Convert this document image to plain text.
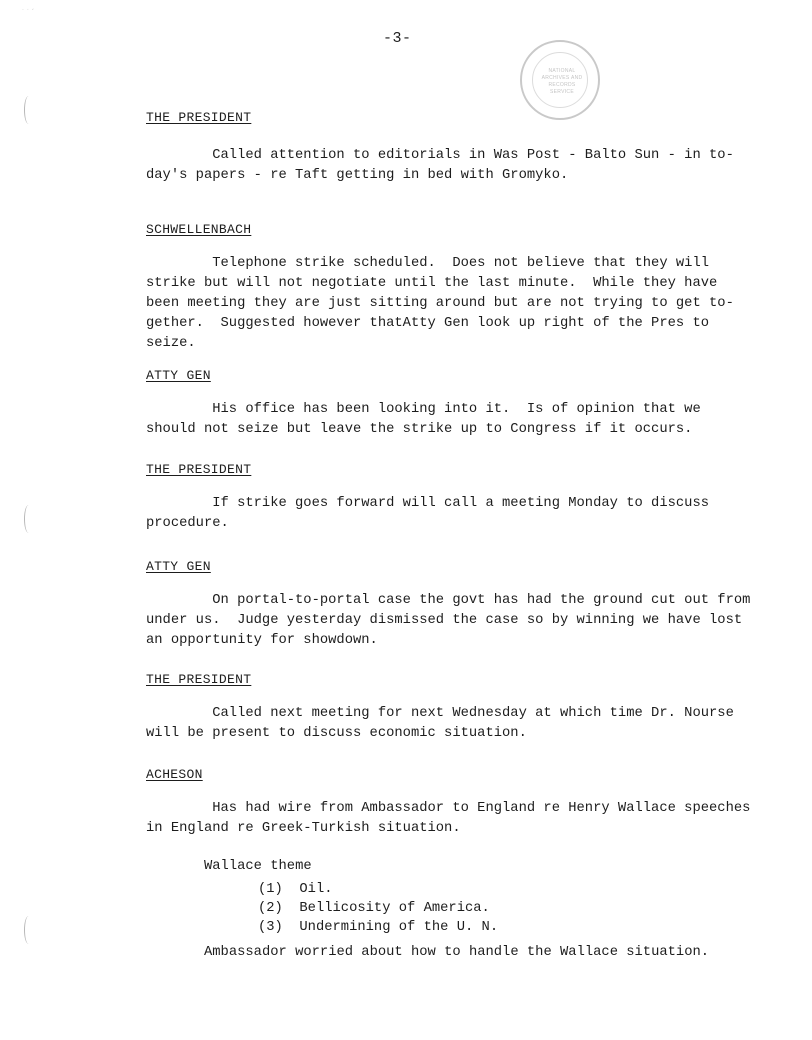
˙ ˙ ´
-3-
NATIONAL
ARCHIVES AND
RECORDS
SERVICE

THE PRESIDENT

Called attention to editorials in Was Post - Balto Sun - in to-

day's papers - re Taft getting in bed with Gromyko.

SCHWELLENBACH

Telephone strike scheduled.  Does not believe that they will

strike but will not negotiate until the last minute.  While they have

been meeting they are just sitting around but are not trying to get to-

gether.  Suggested however thatAtty Gen look up right of the Pres to

seize.

ATTY GEN

His office has been looking into it.  Is of opinion that we

should not seize but leave the strike up to Congress if it occurs.

THE PRESIDENT

If strike goes forward will call a meeting Monday to discuss

procedure.

ATTY GEN

On portal-to-portal case the govt has had the ground cut out from

under us.  Judge yesterday dismissed the case so by winning we have lost

an opportunity for showdown.

THE PRESIDENT

Called next meeting for next Wednesday at which time Dr. Nourse

will be present to discuss economic situation.

ACHESON

Has had wire from Ambassador to England re Henry Wallace speeches

in England re Greek-Turkish situation.

Wallace theme

(1)  Oil.
(2)  Bellicosity of America.
(3)  Undermining of the U. N.

Ambassador worried about how to handle the Wallace situation.
